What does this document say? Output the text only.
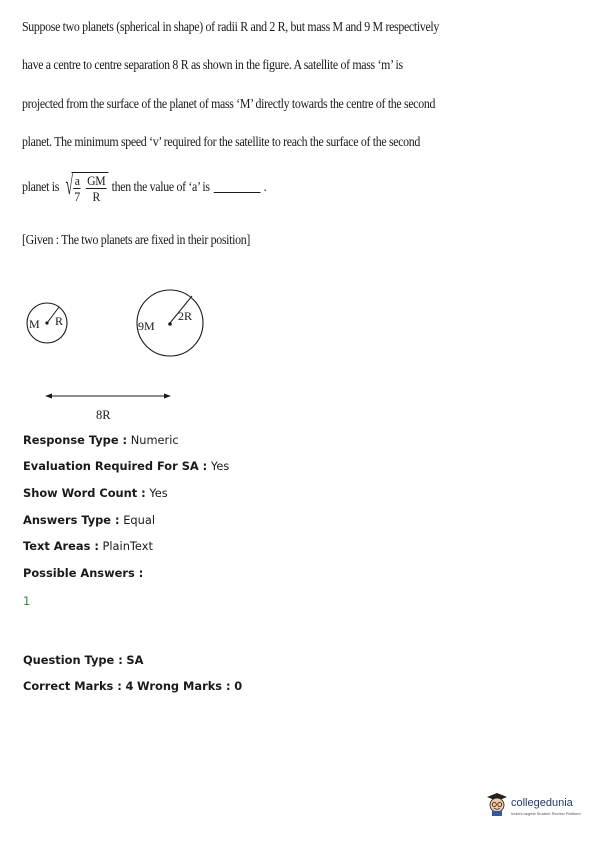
Suppose two planets (spherical in shape) of radii R and 2 R, but mass M and 9 M respectively
have a centre to centre separation 8 R as shown in the figure. A satellite of mass ‘m’ is
projected from the surface of the planet of mass ‘M’ directly towards the centre of the second
planet. The minimum speed ‘v’ required for the satellite to reach the surface of the second
planet is √ $\frac{a}{7} \frac{GM}{R}$ then the value of ‘a’ is	.
[Given : The two planets are fixed in their position]
M R	9M
2R
8R
Response Type : Numeric
Evaluation Required For SA : Yes
Show Word Count : Yes
Answers Type : Equal
Text Areas : PlainText
Possible Answers :
1
Question Type : SA
Correct Marks : 4 Wrong Marks : 0
collegedunia
India's largest Student Review Platform
